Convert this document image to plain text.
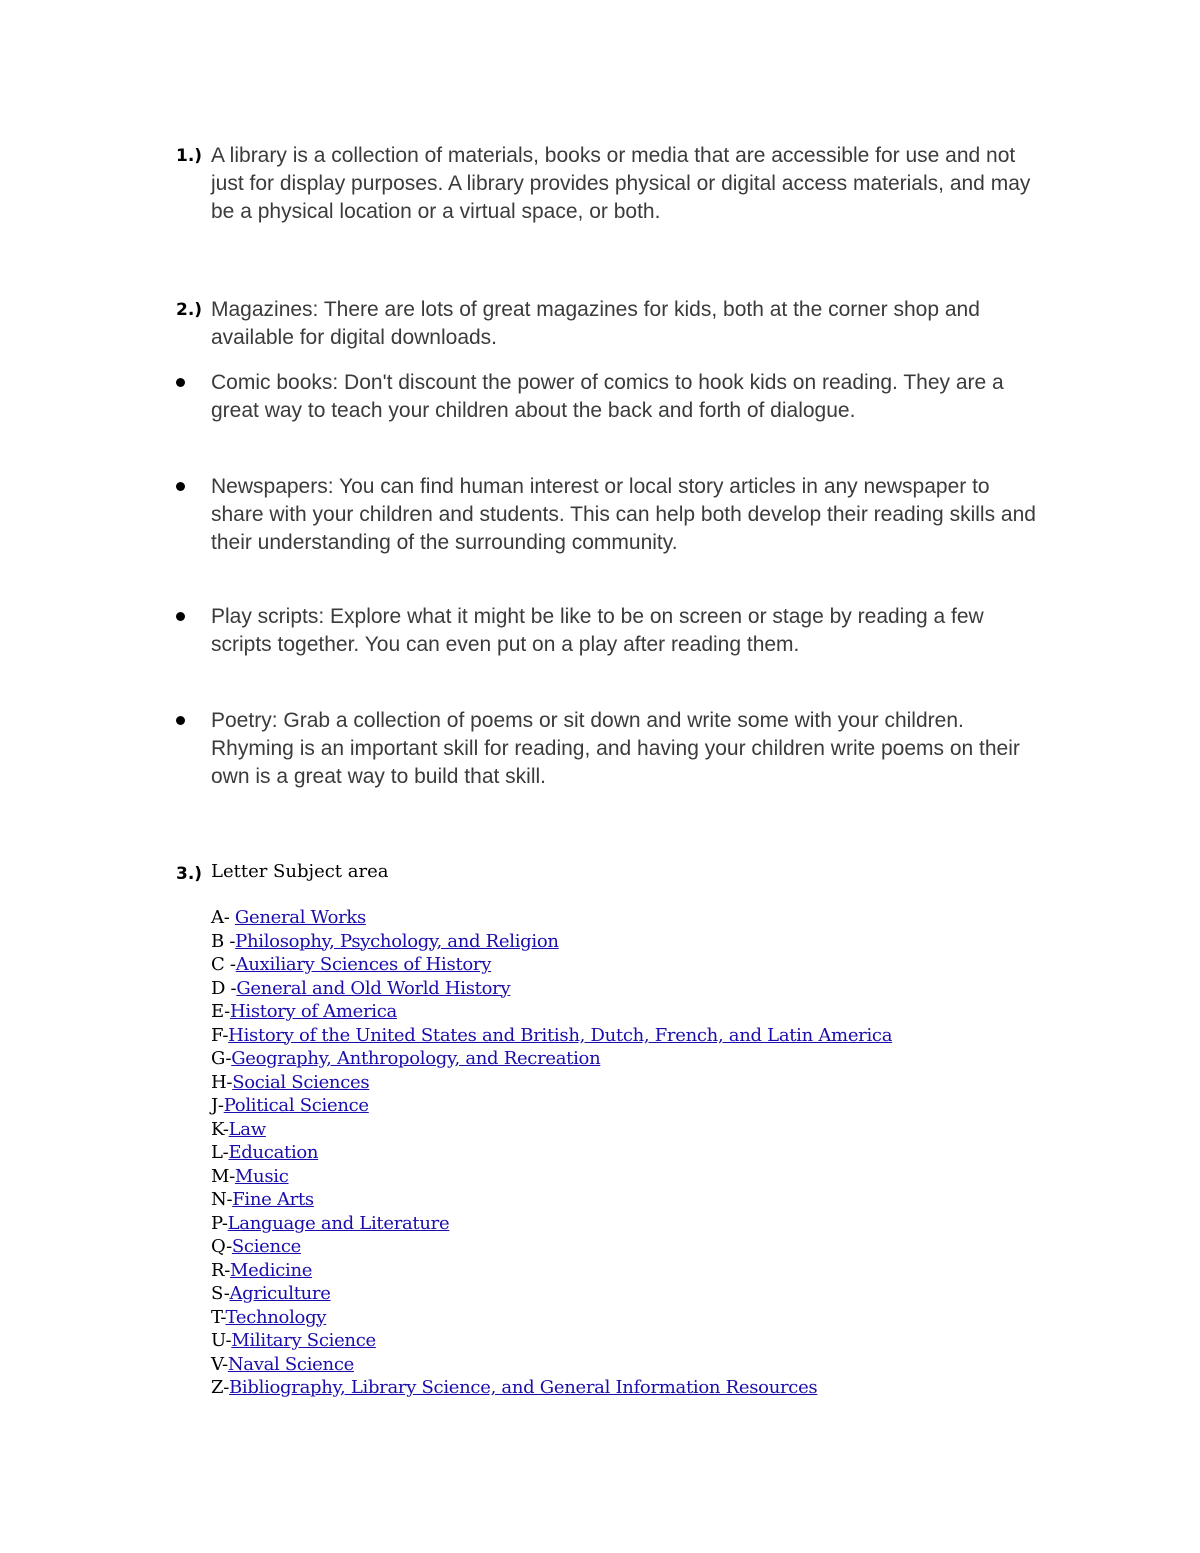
1.) A library is a collection of materials, books or media that are accessible for use and not just for display purposes. A library provides physical or digital access materials, and may be a physical location or a virtual space, or both.

2.) Magazines: There are lots of great magazines for kids, both at the corner shop and available for digital downloads.

Comic books: Don't discount the power of comics to hook kids on reading. They are a great way to teach your children about the back and forth of dialogue.

Newspapers: You can find human interest or local story articles in any newspaper to share with your children and students. This can help both develop their reading skills and their understanding of the surrounding community.

Play scripts: Explore what it might be like to be on screen or stage by reading a few scripts together. You can even put on a play after reading them.

Poetry: Grab a collection of poems or sit down and write some with your children. Rhyming is an important skill for reading, and having your children write poems on their own is a great way to build that skill.

3.) Letter Subject area
A- General Works
B -Philosophy, Psychology, and Religion
C -Auxiliary Sciences of History
D -General and Old World History
E-History of America
F-History of the United States and British, Dutch, French, and Latin America
G-Geography, Anthropology, and Recreation
H-Social Sciences
J-Political Science
K-Law
L-Education
M-Music
N-Fine Arts
P-Language and Literature
Q-Science
R-Medicine
S-Agriculture
T-Technology
U-Military Science
V-Naval Science
Z-Bibliography, Library Science, and General Information Resources
